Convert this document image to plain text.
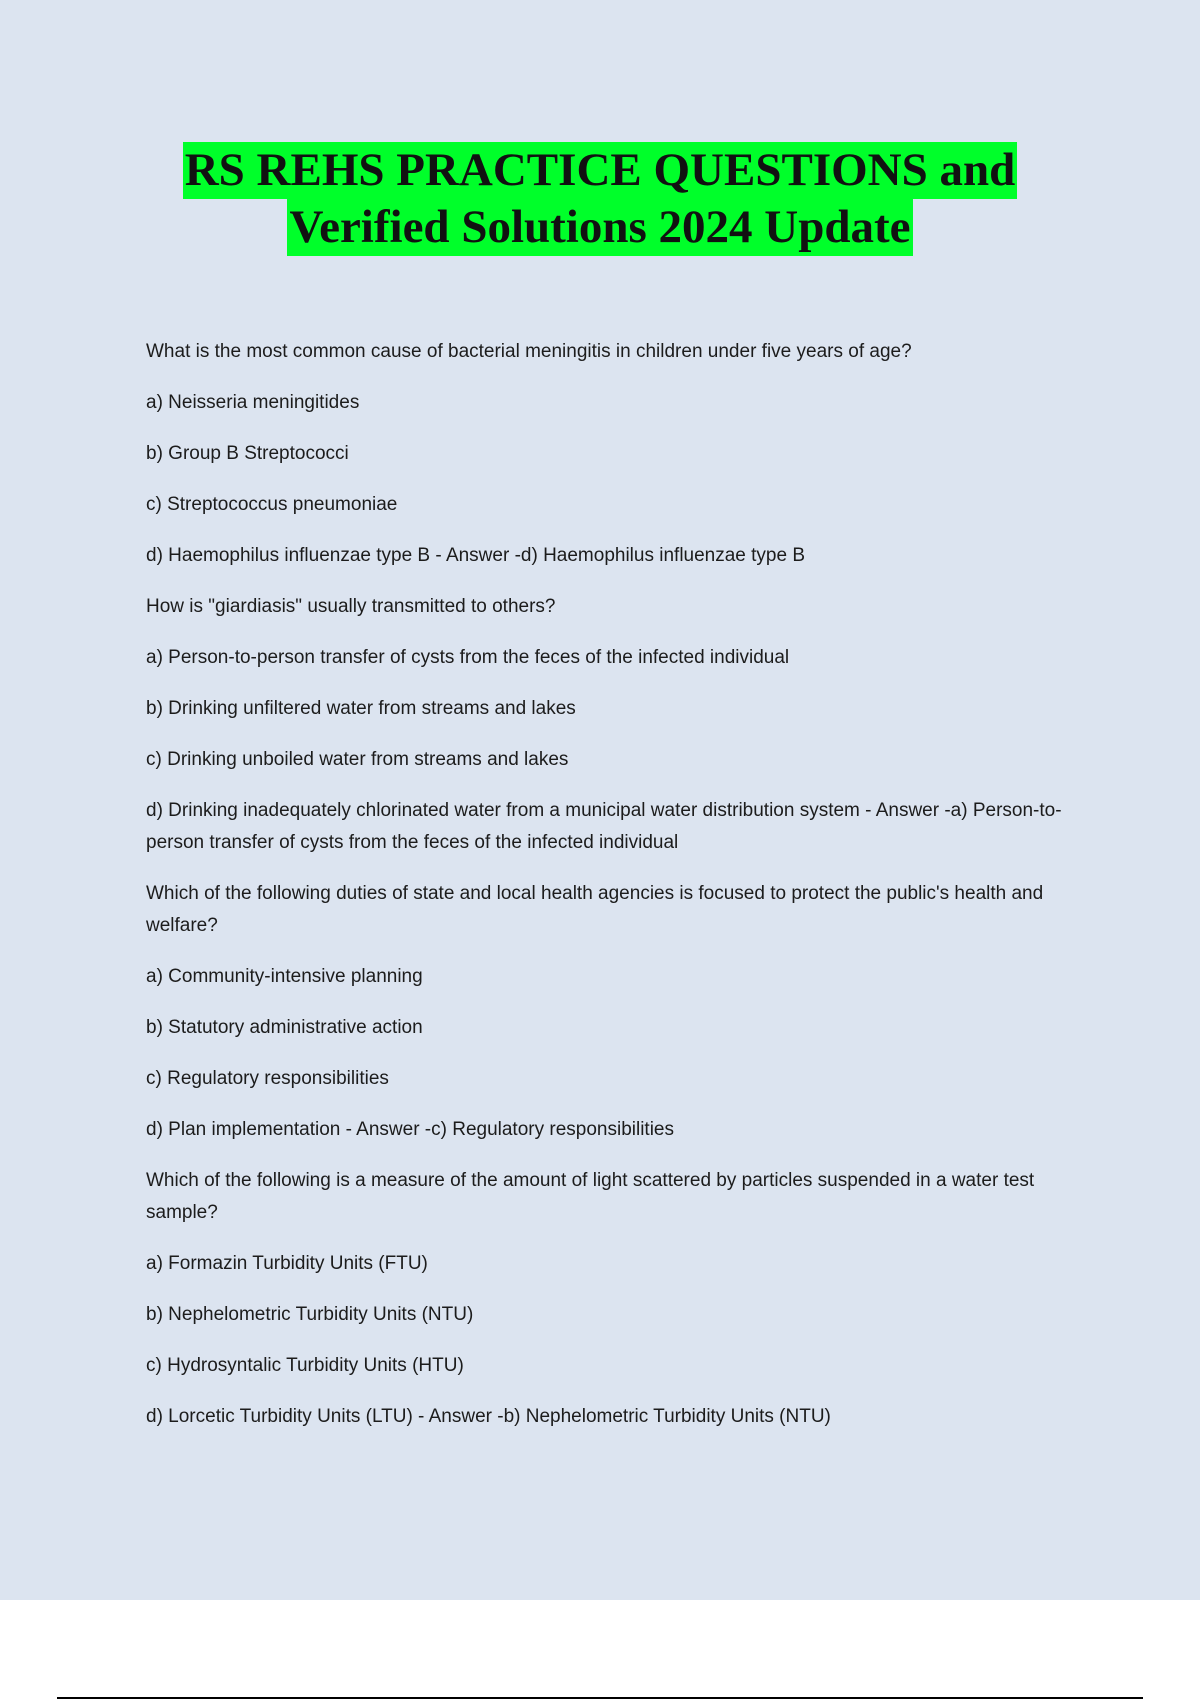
RS REHS PRACTICE QUESTIONS and
Verified Solutions 2024 Update
What is the most common cause of bacterial meningitis in children under five years of age?
a) Neisseria meningitides
b) Group B Streptococci
c) Streptococcus pneumoniae
d) Haemophilus influenzae type B - Answer -d) Haemophilus influenzae type B
How is "giardiasis" usually transmitted to others?
a) Person-to-person transfer of cysts from the feces of the infected individual
b) Drinking unfiltered water from streams and lakes
c) Drinking unboiled water from streams and lakes
d) Drinking inadequately chlorinated water from a municipal water distribution system - Answer -a) Person-to-person transfer of cysts from the feces of the infected individual
Which of the following duties of state and local health agencies is focused to protect the public's health and welfare?
a) Community-intensive planning
b) Statutory administrative action
c) Regulatory responsibilities
d) Plan implementation - Answer -c) Regulatory responsibilities
Which of the following is a measure of the amount of light scattered by particles suspended in a water test sample?
a) Formazin Turbidity Units (FTU)
b) Nephelometric Turbidity Units (NTU)
c) Hydrosyntalic Turbidity Units (HTU)
d) Lorcetic Turbidity Units (LTU) - Answer -b) Nephelometric Turbidity Units (NTU)
